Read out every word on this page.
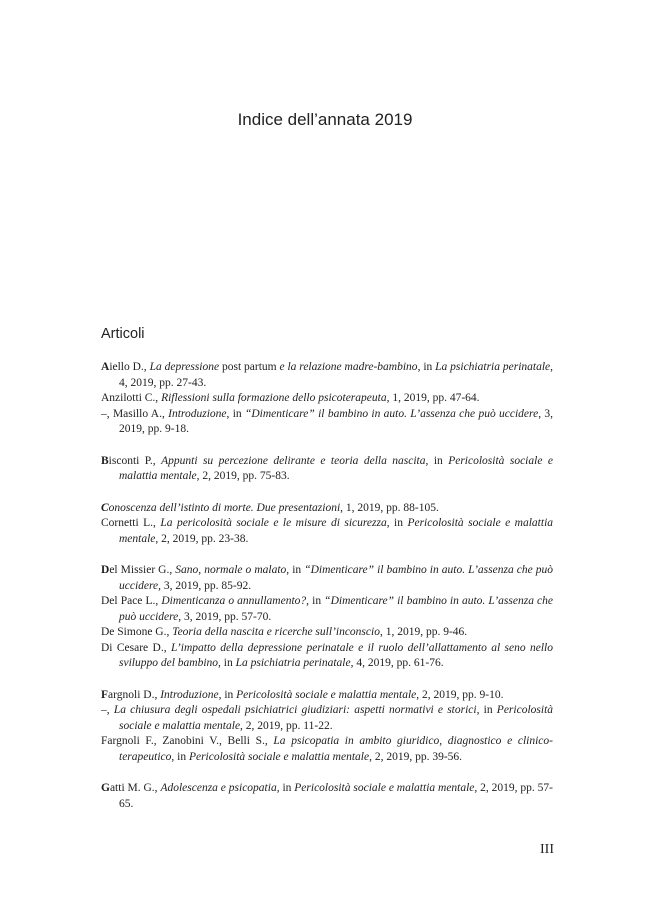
Indice dell’annata 2019
Articoli
Aiello D., La depressione post partum e la relazione madre-bambino, in La psichiatria perinatale, 4, 2019, pp. 27-43.
Anzilotti C., Riflessioni sulla formazione dello psicoterapeuta, 1, 2019, pp. 47-64.
–, Masillo A., Introduzione, in “Dimenticare” il bambino in auto. L’assenza che può uccidere, 3, 2019, pp. 9-18.
Bisconti P., Appunti su percezione delirante e teoria della nascita, in Pericolosità sociale e malattia mentale, 2, 2019, pp. 75-83.
Conoscenza dell’istinto di morte. Due presentazioni, 1, 2019, pp. 88-105.
Cornetti L., La pericolosità sociale e le misure di sicurezza, in Pericolosità sociale e malattia mentale, 2, 2019, pp. 23-38.
Del Missier G., Sano, normale o malato, in “Dimenticare” il bambino in auto. L’assenza che può uccidere, 3, 2019, pp. 85-92.
Del Pace L., Dimenticanza o annullamento?, in “Dimenticare” il bambino in auto. L’assenza che può uccidere, 3, 2019, pp. 57-70.
De Simone G., Teoria della nascita e ricerche sull’inconscio, 1, 2019, pp. 9-46.
Di Cesare D., L’impatto della depressione perinatale e il ruolo dell’allattamento al seno nello sviluppo del bambino, in La psichiatria perinatale, 4, 2019, pp. 61-76.
Fargnoli D., Introduzione, in Pericolosità sociale e malattia mentale, 2, 2019, pp. 9-10.
–, La chiusura degli ospedali psichiatrici giudiziari: aspetti normativi e storici, in Pericolosità sociale e malattia mentale, 2, 2019, pp. 11-22.
Fargnoli F., Zanobini V., Belli S., La psicopatia in ambito giuridico, diagnostico e clinico-terapeutico, in Pericolosità sociale e malattia mentale, 2, 2019, pp. 39-56.
Gatti M. G., Adolescenza e psicopatia, in Pericolosità sociale e malattia mentale, 2, 2019, pp. 57-65.
III
